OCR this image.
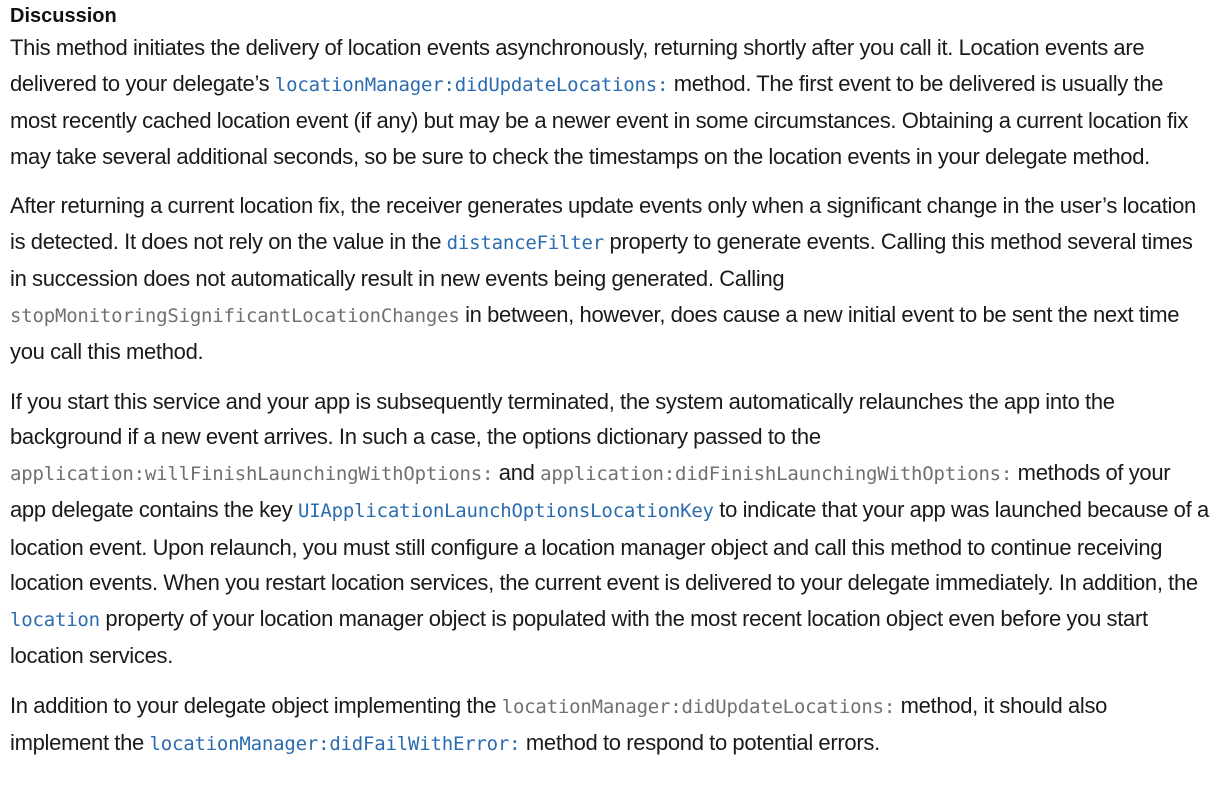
Discussion

This method initiates the delivery of location events asynchronously, returning shortly after you call it. Location events are delivered to your delegate’s locationManager:didUpdateLocations: method. The first event to be delivered is usually the most recently cached location event (if any) but may be a newer event in some circumstances. Obtaining a current location fix may take several additional seconds, so be sure to check the timestamps on the location events in your delegate method.

After returning a current location fix, the receiver generates update events only when a significant change in the user’s location is detected. It does not rely on the value in the distanceFilter property to generate events. Calling this method several times in succession does not automatically result in new events being generated. Calling stopMonitoringSignificantLocationChanges in between, however, does cause a new initial event to be sent the next time you call this method.

If you start this service and your app is subsequently terminated, the system automatically relaunches the app into the background if a new event arrives. In such a case, the options dictionary passed to the application:willFinishLaunchingWithOptions: and application:didFinishLaunchingWithOptions: methods of your app delegate contains the key UIApplicationLaunchOptionsLocationKey to indicate that your app was launched because of a location event. Upon relaunch, you must still configure a location manager object and call this method to continue receiving location events. When you restart location services, the current event is delivered to your delegate immediately. In addition, the location property of your location manager object is populated with the most recent location object even before you start location services.

In addition to your delegate object implementing the locationManager:didUpdateLocations: method, it should also implement the locationManager:didFailWithError: method to respond to potential errors.
